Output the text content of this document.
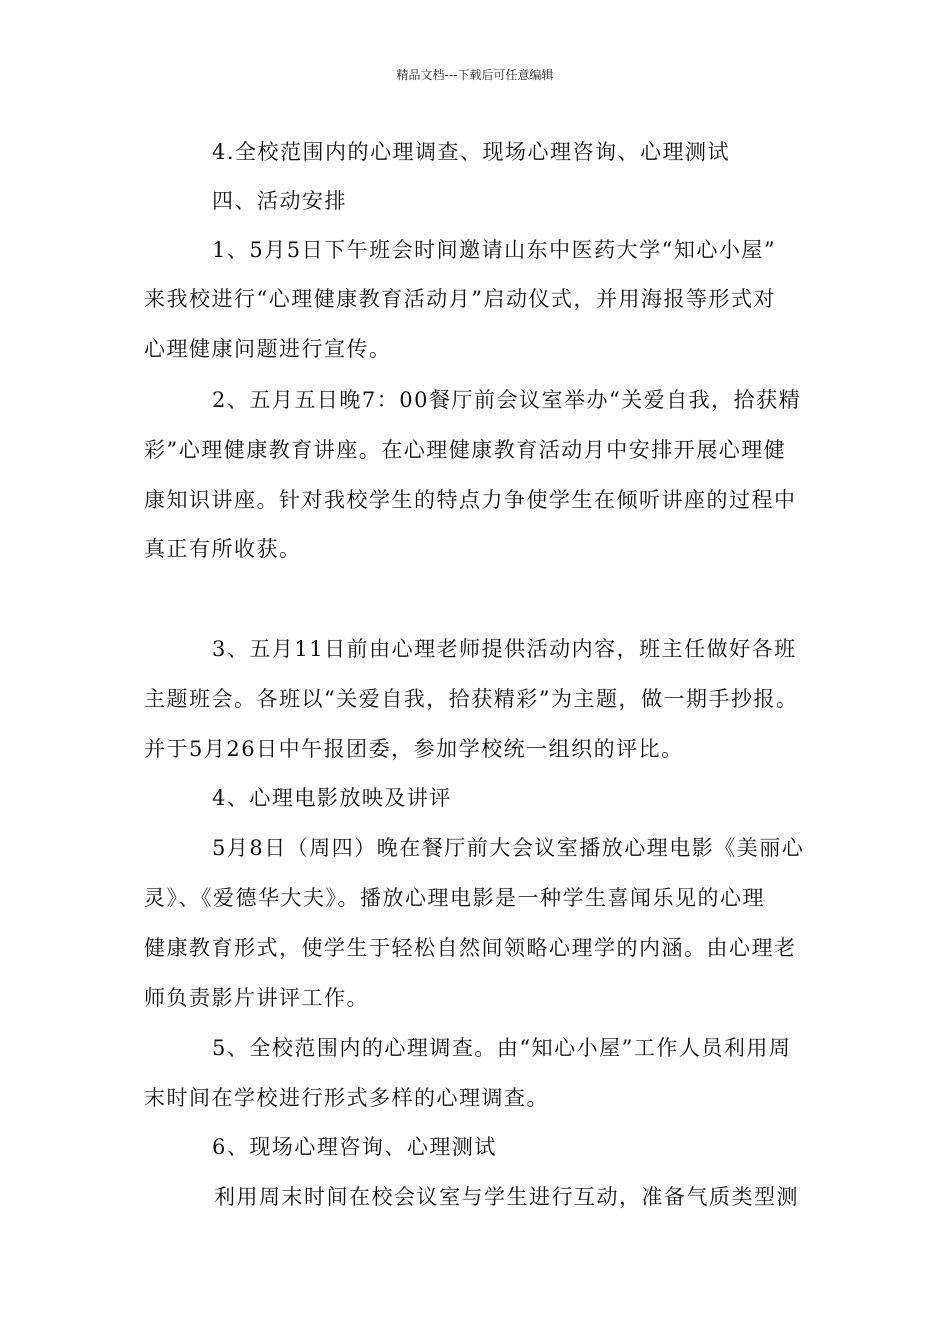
精品文档---下载后可任意编辑
4.全校范围内的心理调查、现场心理咨询、心理测试
四、活动安排
1、5月5日下午班会时间邀请山东中医药大学“知心小屋”
来我校进行“心理健康教育活动月”启动仪式，并用海报等形式对
心理健康问题进行宣传。
2、五月五日晚7：00餐厅前会议室举办“关爱自我，拾获精
彩”心理健康教育讲座。在心理健康教育活动月中安排开展心理健
康知识讲座。针对我校学生的特点力争使学生在倾听讲座的过程中
真正有所收获。
3、五月11日前由心理老师提供活动内容，班主任做好各班
主题班会。各班以“关爱自我，拾获精彩”为主题，做一期手抄报。
并于5月26日中午报团委，参加学校统一组织的评比。
4、心理电影放映及讲评
5月8日（周四）晚在餐厅前大会议室播放心理电影《美丽心
灵》、《爱德华大夫》。播放心理电影是一种学生喜闻乐见的心理
健康教育形式，使学生于轻松自然间领略心理学的内涵。由心理老
师负责影片讲评工作。
5、全校范围内的心理调查。由“知心小屋”工作人员利用周
末时间在学校进行形式多样的心理调查。
6、现场心理咨询、心理测试
利用周末时间在校会议室与学生进行互动，准备气质类型测
